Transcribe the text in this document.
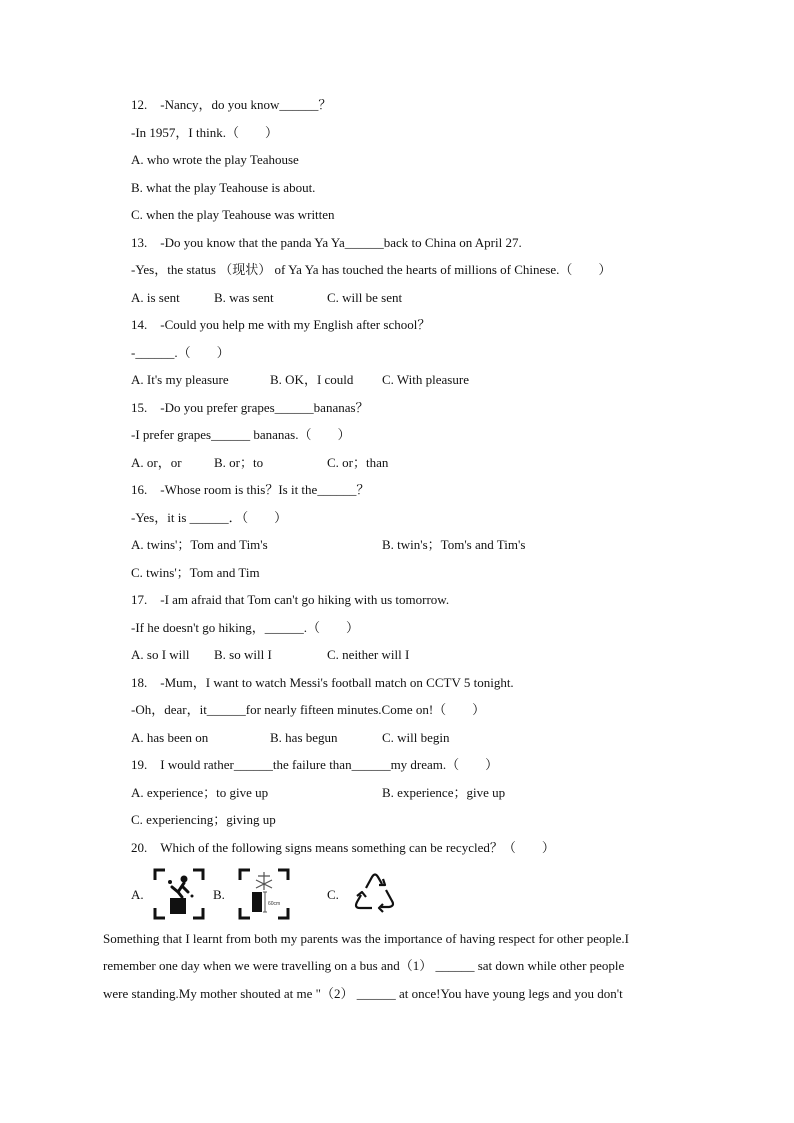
12.　-Nancy，do you know______？
-In 1957，I think.（　　）
A. who wrote the play Teahouse
B. what the play Teahouse is about.
C. when the play Teahouse was written
13.　-Do you know that the panda Ya Ya______back to China on April 27.
-Yes，the status （现状） of Ya Ya has touched the hearts of millions of Chinese.（　　）
A. is sent	B. was sent	C. will be sent
14.　-Could you help me with my English after school？
-______.（　　）
A. It's my pleasure	B. OK，I could C. With pleasure
15.　-Do you prefer grapes______bananas？
-I prefer grapes______ bananas.（　　）
A. or，or B. or；to	C. or；than
16.　-Whose room is this？Is it the______？
-Yes，it is ______．（　　）
A. twins'；Tom and Tim's	B. twin's；Tom's and Tim's
C. twins'；Tom and Tim
17.　-I am afraid that Tom can't go hiking with us tomorrow.
-If he doesn't go hiking，______.（　　）
A. so I will B. so will I	C. neither will I
18.　-Mum，I want to watch Messi's football match on CCTV 5 tonight.
-Oh，dear，it______for nearly fifteen minutes.Come on!（　　）
A. has been on	B. has begun	C. will begin
19.　I would rather______the failure than______my dream.（　　）
A. experience；to give up	B. experience；give up
C. experiencing；giving up
20.　Which of the following signs means something can be recycled？（　　）
A.	B.
60cm
C.
Something that I learnt from both my parents was the importance of having respect for other people.I
remember one day when we were travelling on a bus and（1） ______ sat down while other people
were standing.My mother shouted at me "（2） ______ at once!You have young legs and you don't
